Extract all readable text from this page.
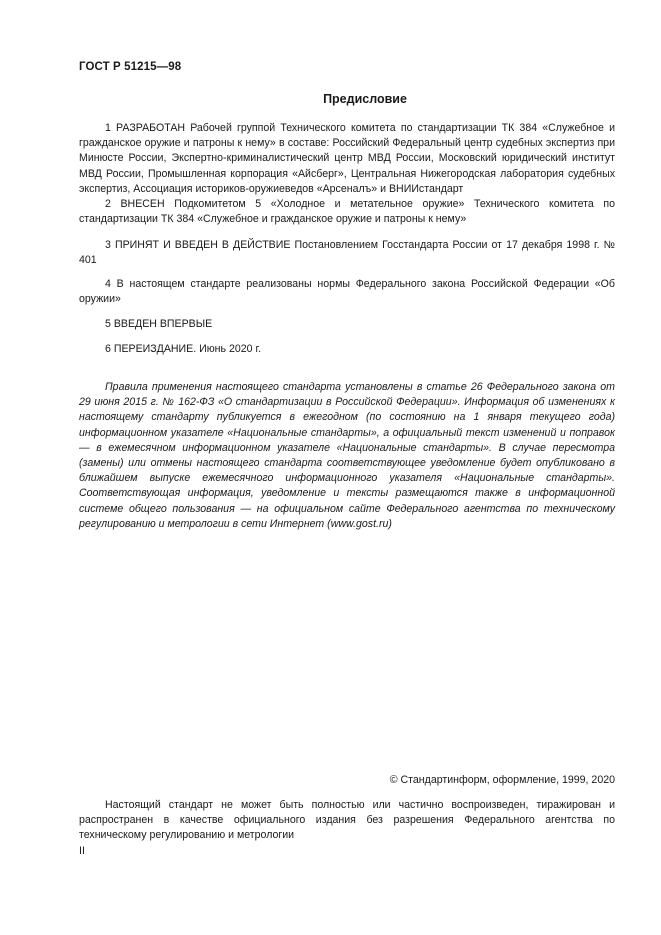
ГОСТ Р 51215—98
Предисловие

1 РАЗРАБОТАН Рабочей группой Технического комитета по стандартизации ТК 384 «Служебное и гражданское оружие и патроны к нему» в составе: Российский Федеральный центр судебных экспертиз при Минюсте России, Экспертно-криминалистический центр МВД России, Московский юридический институт МВД России, Промышленная корпорация «Айсберг», Центральная Нижегородская лаборатория судебных экспертиз, Ассоциация историков-оружиеведов «Арсеналъ» и ВНИИстандарт

2 ВНЕСЕН Подкомитетом 5 «Холодное и метательное оружие» Технического комитета по стандартизации ТК 384 «Служебное и гражданское оружие и патроны к нему»

3 ПРИНЯТ И ВВЕДЕН В ДЕЙСТВИЕ Постановлением Госстандарта России от 17 декабря 1998 г. № 401

4 В настоящем стандарте реализованы нормы Федерального закона Российской Федерации «Об оружии»

5 ВВЕДЕН ВПЕРВЫЕ

6 ПЕРЕИЗДАНИЕ. Июнь 2020 г.

Правила применения настоящего стандарта установлены в статье 26 Федерального закона от 29 июня 2015 г. № 162-ФЗ «О стандартизации в Российской Федерации». Информация об изменениях к настоящему стандарту публикуется в ежегодном (по состоянию на 1 января текущего года) информационном указателе «Национальные стандарты», а официальный текст изменений и поправок — в ежемесячном информационном указателе «Национальные стандарты». В случае пересмотра (замены) или отмены настоящего стандарта соответствующее уведомление будет опубликовано в ближайшем выпуске ежемесячного информационного указателя «Национальные стандарты». Соответствующая информация, уведомление и тексты размещаются также в информационной системе общего пользования — на официальном сайте Федерального агентства по техническому регулированию и метрологии в сети Интернет (www.gost.ru)

© Стандартинформ, оформление, 1999, 2020

Настоящий стандарт не может быть полностью или частично воспроизведен, тиражирован и распространен в качестве официального издания без разрешения Федерального агентства по техническому регулированию и метрологии

II
